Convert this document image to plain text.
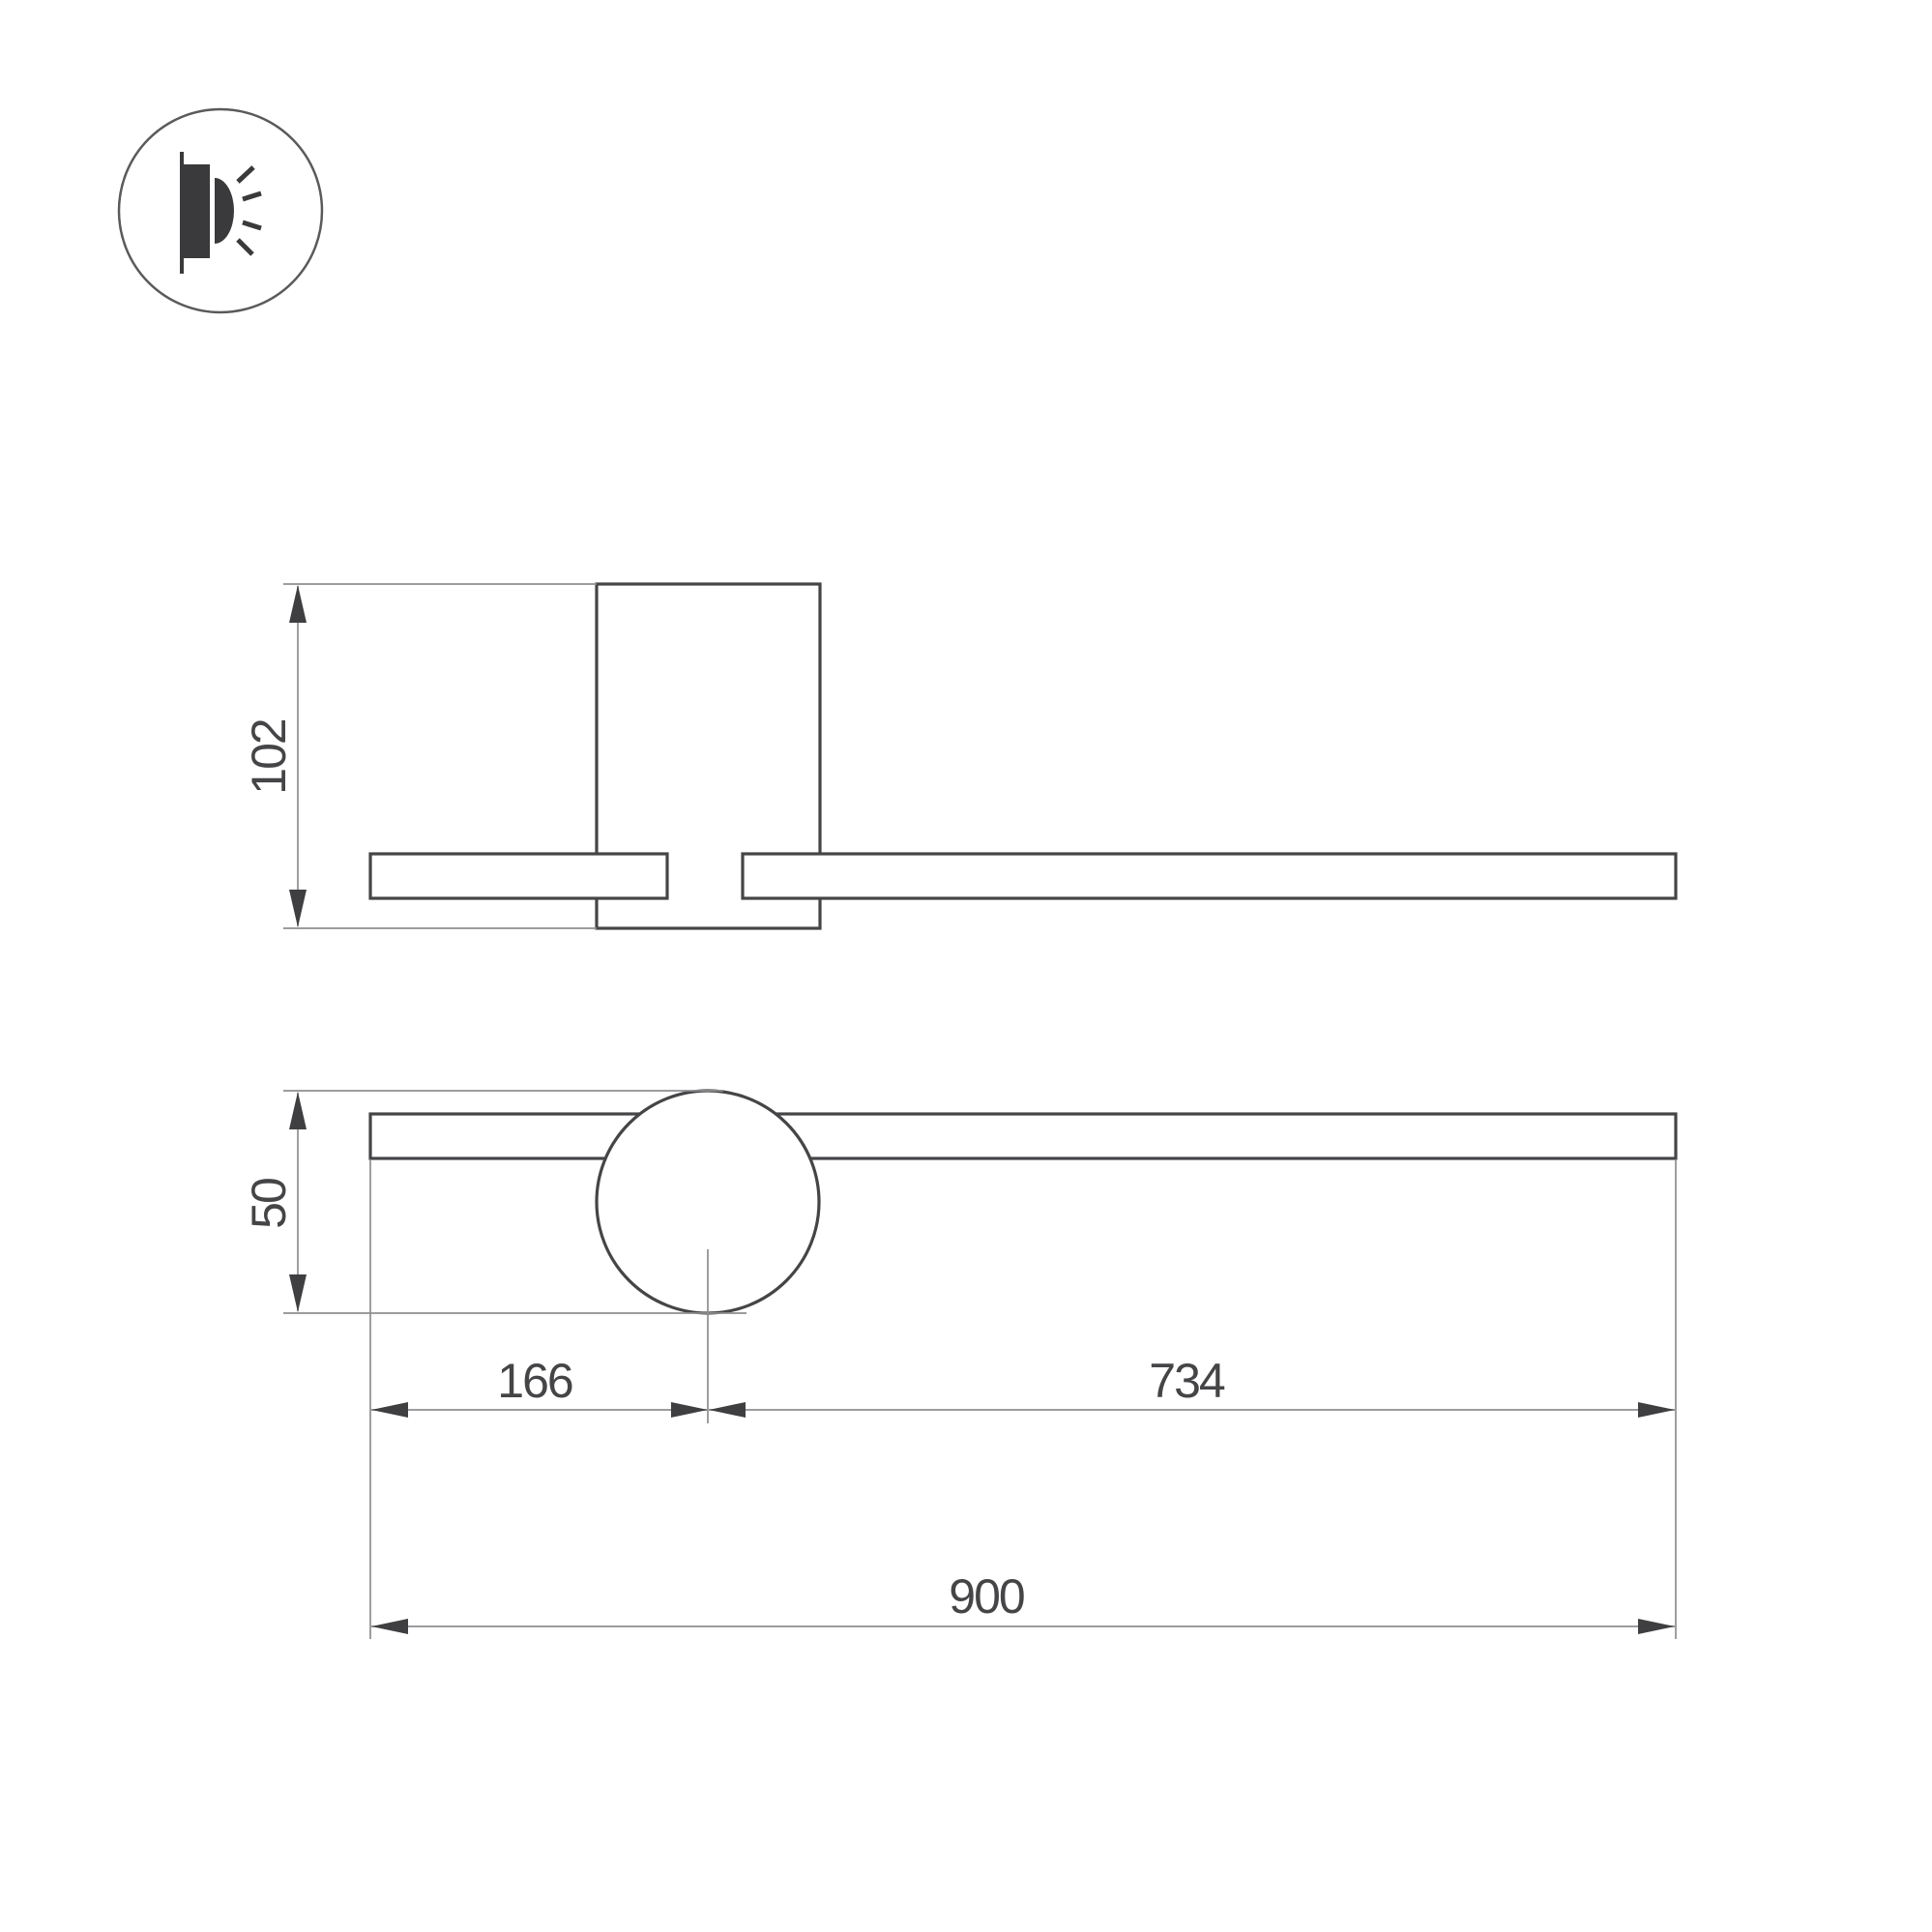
102
50
166	734
900
